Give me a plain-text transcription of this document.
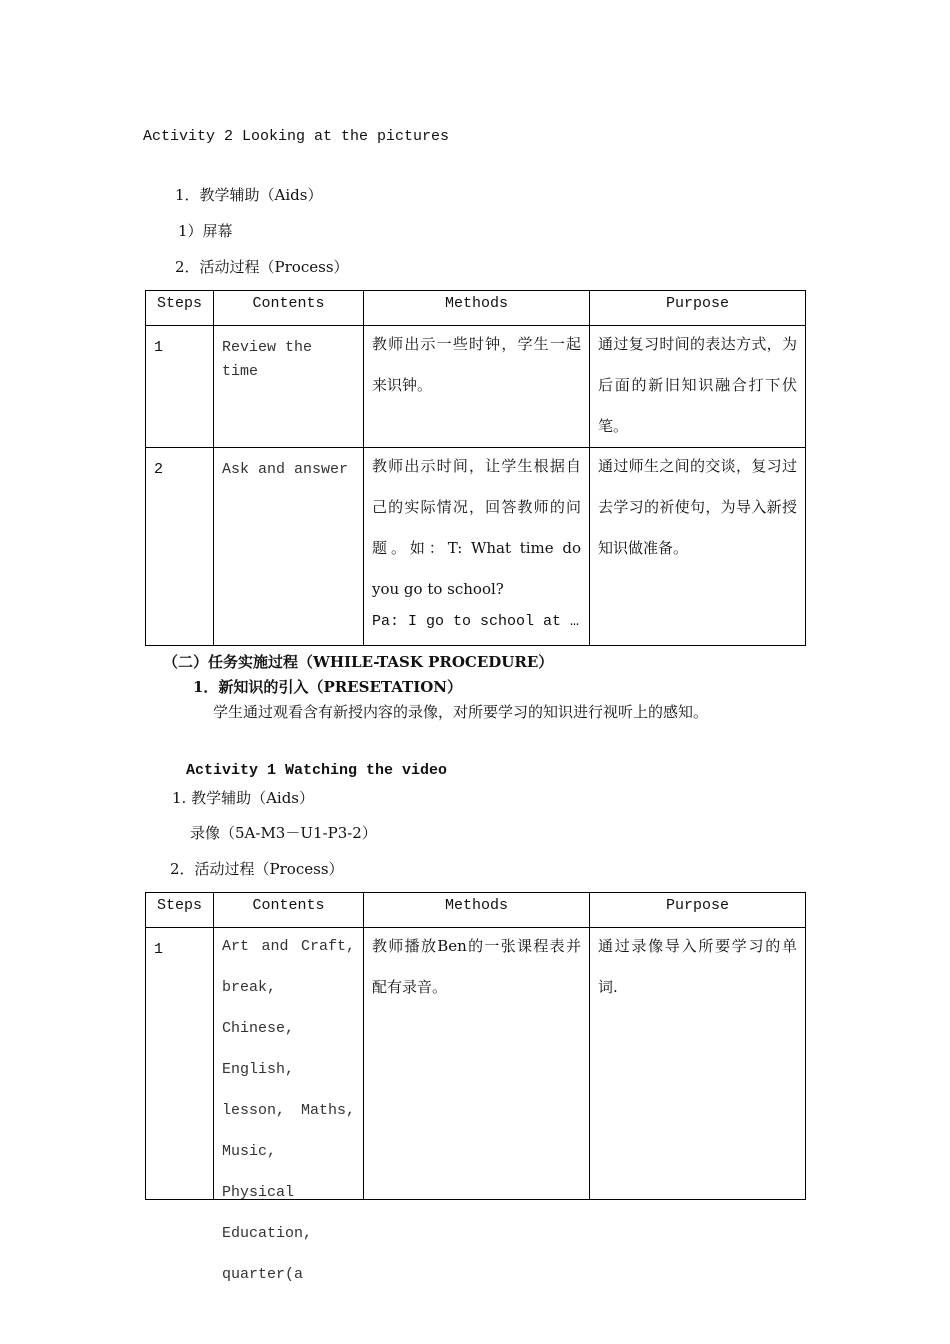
Activity 2 Looking at the pictures
1．教学辅助（Aids）
1）屏幕
2．活动过程（Process）
Steps	Contents	Methods	Purpose

1	Review the time	教师出示一些时钟，学生一起来识钟。	通过复习时间的表达方式，为后面的新旧知识融合打下伏笔。

2	Ask and answer	教师出示时间，让学生根据自己的实际情况，回答教师的问题。如：T: What time do you go to school?
Pa: I go to school at …	通过师生之间的交谈，复习过去学习的祈使句，为导入新授知识做准备。
（二）任务实施过程（WHILE-TASK PROCEDURE）
1．新知识的引入（PRESETATION）
学生通过观看含有新授内容的录像，对所要学习的知识进行视听上的感知。
Activity 1 Watching the video
1. 教学辅助（Aids）
录像（5A-M3－U1-P3-2）
2．活动过程（Process）
Steps	Contents	Methods	Purpose

1	Art and Craft, break, Chinese, English, lesson, Maths, Music, Physical Education, quarter(a	教师播放Ben的一张课程表并配有录音。	通过录像导入所要学习的单词.
